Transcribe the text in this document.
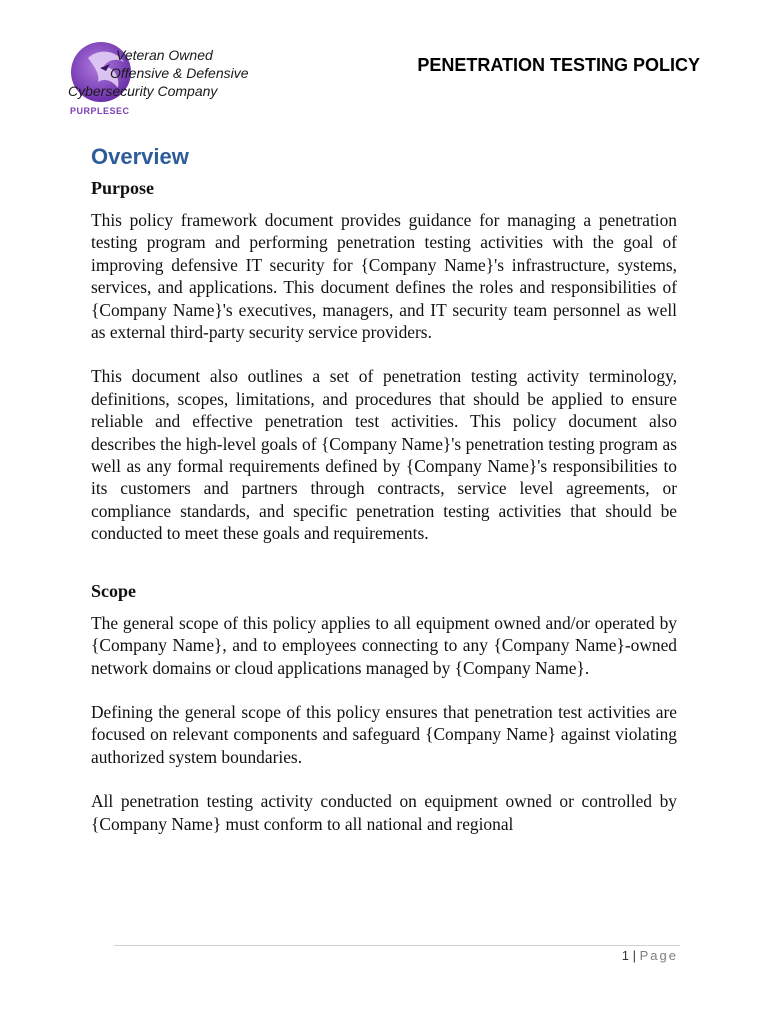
Veteran Owned
Offensive & Defensive
Cybersecurity Company
PURPLESEC
PENETRATION TESTING POLICY
Overview
Purpose

This policy framework document provides guidance for managing a penetration testing program and performing penetration testing activities with the goal of improving defensive IT security for {Company Name}'s infrastructure, systems, services, and applications. This document defines the roles and responsibilities of {Company Name}'s executives, managers, and IT security team personnel as well as external third-party security service providers.

This document also outlines a set of penetration testing activity terminology, definitions, scopes, limitations, and procedures that should be applied to ensure reliable and effective penetration test activities. This policy document also describes the high-level goals of {Company Name}'s penetration testing program as well as any formal requirements defined by {Company Name}'s responsibilities to its customers and partners through contracts, service level agreements, or compliance standards, and specific penetration testing activities that should be conducted to meet these goals and requirements.

Scope

The general scope of this policy applies to all equipment owned and/or operated by {Company Name}, and to employees connecting to any {Company Name}-owned network domains or cloud applications managed by {Company Name}.

Defining the general scope of this policy ensures that penetration test activities are focused on relevant components and safeguard {Company Name} against violating authorized system boundaries.

All penetration testing activity conducted on equipment owned or controlled by {Company Name} must conform to all national and regional

1 | Page
